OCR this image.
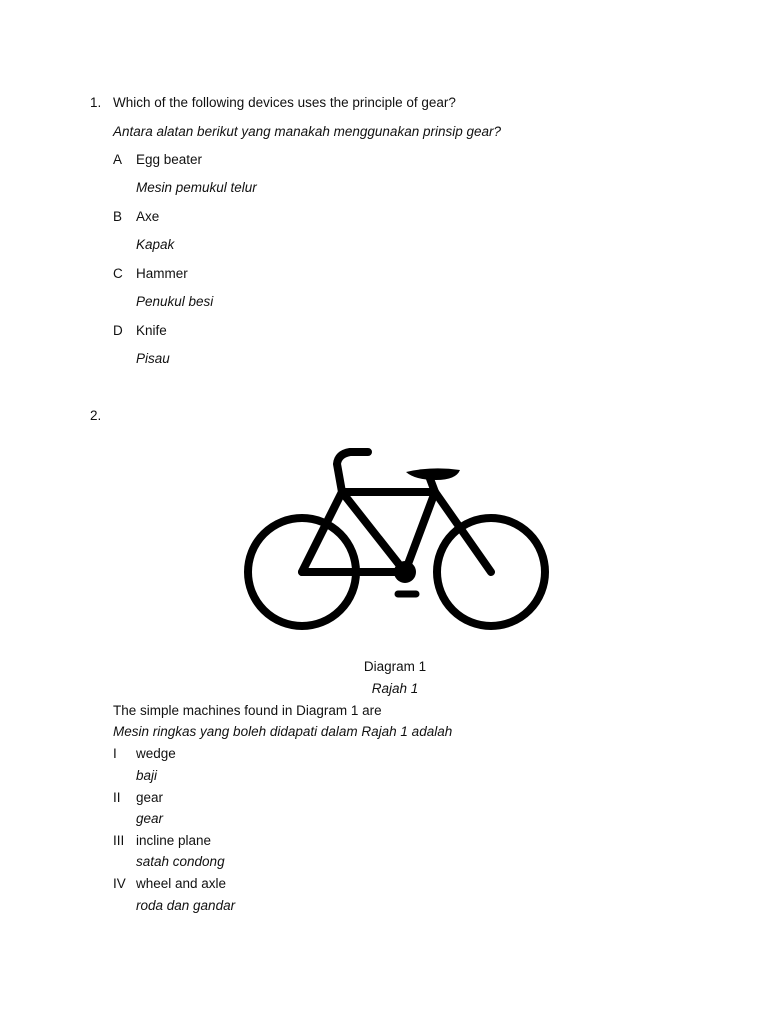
1. Which of the following devices uses the principle of gear?
Antara alatan berikut yang manakah menggunakan prinsip gear?
A Egg beater
Mesin pemukul telur
B Axe
Kapak
C Hammer
Penukul besi
D Knife
Pisau
2.
Diagram 1
Rajah 1
The simple machines found in Diagram 1 are
Mesin ringkas yang boleh didapati dalam Rajah 1 adalah
I wedge
baji
II gear
gear
III incline plane
satah condong
IV wheel and axle
roda dan gandar
